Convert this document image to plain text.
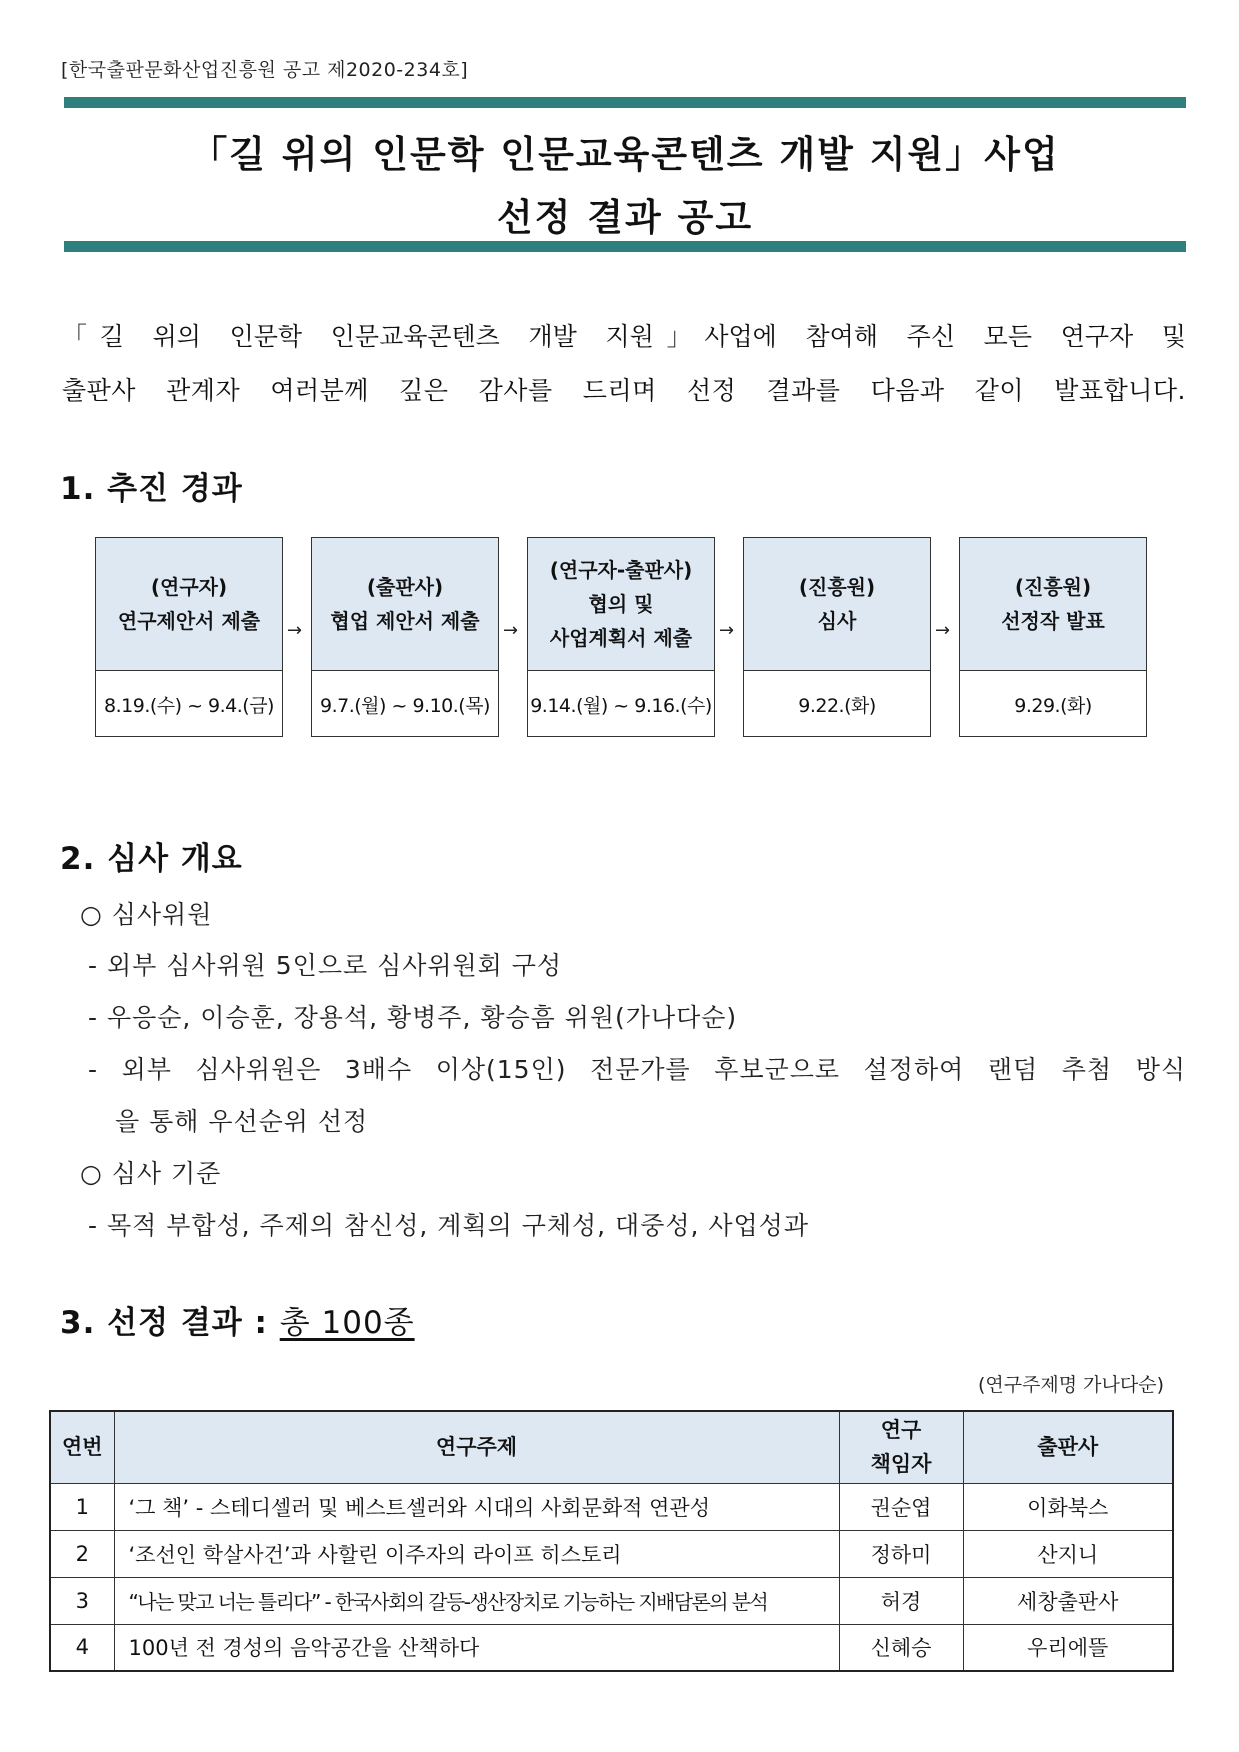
[한국출판문화산업진흥원 공고 제2020-234호]
「길 위의 인문학 인문교육콘텐츠 개발 지원」사업
선정 결과 공고
「길 위의 인문학 인문교육콘텐츠 개발 지원」사업에 참여해 주신 모든 연구자 및
출판사 관계자 여러분께 깊은 감사를 드리며 선정 결과를 다음과 같이 발표합니다.
1. 추진 경과
(연구자)
연구제안서 제출
8.19.(수) ~ 9.4.(금)
(출판사)
협업 제안서 제출
9.7.(월) ~ 9.10.(목)
(연구자-출판사)
협의 및
사업계획서 제출
9.14.(월) ~ 9.16.(수)
(진흥원)
심사
9.22.(화)
(진흥원)
선정작 발표
9.29.(화)
→	→	→	→
2. 심사 개요
○ 심사위원
- 외부 심사위원 5인으로 심사위원회 구성
- 우응순, 이승훈, 장용석, 황병주, 황승흠 위원(가나다순)
- 외부 심사위원은 3배수 이상(15인) 전문가를 후보군으로 설정하여 랜덤 추첨 방식
을 통해 우선순위 선정
○ 심사 기준
- 목적 부합성, 주제의 참신성, 계획의 구체성, 대중성, 사업성과
3. 선정 결과 : 총 100종
(연구주제명 가나다순)
연번	연구주제	연구
책임자	출판사
1	‘그 책’ - 스테디셀러 및 베스트셀러와 시대의 사회문화적 연관성	권순엽	이화북스
2	‘조선인 학살사건’과 사할린 이주자의 라이프 히스토리	정하미	산지니
3	“나는 맞고 너는 틀리다” - 한국사회의 갈등-생산장치로 기능하는 지배담론의 분석	허경	세창출판사
4	100년 전 경성의 음악공간을 산책하다	신혜승	우리에뜰
